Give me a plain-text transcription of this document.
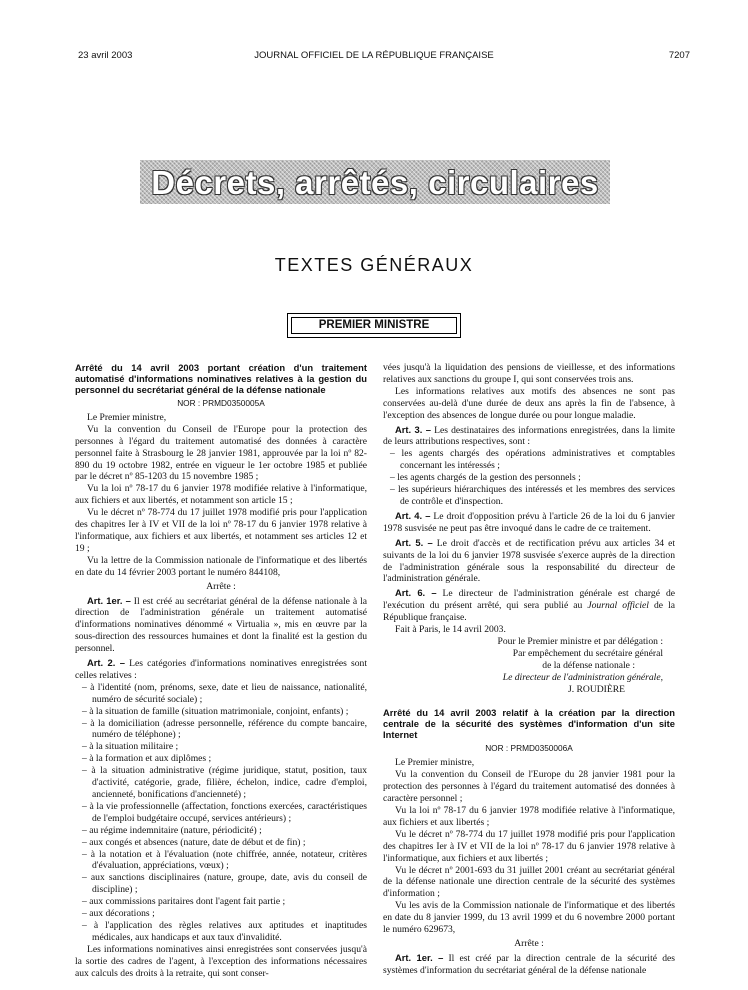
23 avril 2003	JOURNAL OFFICIEL DE LA RÉPUBLIQUE FRANÇAISE	7207
Décrets, arrêtés, circulaires
TEXTES GÉNÉRAUX
PREMIER MINISTRE

Arrêté du 14 avril 2003 portant création d'un traitement automatisé d'informations nominatives relatives à la gestion du personnel du secrétariat général de la défense nationale

NOR : PRMD0350005A

Le Premier ministre,

Vu la convention du Conseil de l'Europe pour la protection des personnes à l'égard du traitement automatisé des données à caractère personnel faite à Strasbourg le 28 janvier 1981, approuvée par la loi nº 82-890 du 19 octobre 1982, entrée en vigueur le 1er octobre 1985 et publiée par le décret nº 85-1203 du 15 novembre 1985 ;

Vu la loi nº 78-17 du 6 janvier 1978 modifiée relative à l'informatique, aux fichiers et aux libertés, et notamment son article 15 ;

Vu le décret nº 78-774 du 17 juillet 1978 modifié pris pour l'application des chapitres Ier à IV et VII de la loi nº 78-17 du 6 janvier 1978 relative à l'informatique, aux fichiers et aux libertés, et notamment ses articles 12 et 19 ;

Vu la lettre de la Commission nationale de l'informatique et des libertés en date du 14 février 2003 portant le numéro 844108,

Arrête :

Art. 1er. – Il est créé au secrétariat général de la défense nationale à la direction de l'administration générale un traitement automatisé d'informations nominatives dénommé « Virtualia », mis en œuvre par la sous-direction des ressources humaines et dont la finalité est la gestion du personnel.

Art. 2. – Les catégories d'informations nominatives enregistrées sont celles relatives :

– à l'identité (nom, prénoms, sexe, date et lieu de naissance, nationalité, numéro de sécurité sociale) ;

– à la situation de famille (situation matrimoniale, conjoint, enfants) ;

– à la domiciliation (adresse personnelle, référence du compte bancaire, numéro de téléphone) ;

– à la situation militaire ;

– à la formation et aux diplômes ;

– à la situation administrative (régime juridique, statut, position, taux d'activité, catégorie, grade, filière, échelon, indice, cadre d'emploi, ancienneté, bonifications d'ancienneté) ;

– à la vie professionnelle (affectation, fonctions exercées, caractéristiques de l'emploi budgétaire occupé, services antérieurs) ;

– au régime indemnitaire (nature, périodicité) ;

– aux congés et absences (nature, date de début et de fin) ;

– à la notation et à l'évaluation (note chiffrée, année, notateur, critères d'évaluation, appréciations, vœux) ;

– aux sanctions disciplinaires (nature, groupe, date, avis du conseil de discipline) ;

– aux commissions paritaires dont l'agent fait partie ;

– aux décorations ;

– à l'application des règles relatives aux aptitudes et inaptitudes médicales, aux handicaps et aux taux d'invalidité.

Les informations nominatives ainsi enregistrées sont conservées jusqu'à la sortie des cadres de l'agent, à l'exception des informations nécessaires aux calculs des droits à la retraite, qui sont conser-

vées jusqu'à la liquidation des pensions de vieillesse, et des informations relatives aux sanctions du groupe I, qui sont conservées trois ans.

Les informations relatives aux motifs des absences ne sont pas conservées au-delà d'une durée de deux ans après la fin de l'absence, à l'exception des absences de longue durée ou pour longue maladie.

Art. 3. – Les destinataires des informations enregistrées, dans la limite de leurs attributions respectives, sont :

– les agents chargés des opérations administratives et comptables concernant les intéressés ;

– les agents chargés de la gestion des personnels ;

– les supérieurs hiérarchiques des intéressés et les membres des services de contrôle et d'inspection.

Art. 4. – Le droit d'opposition prévu à l'article 26 de la loi du 6 janvier 1978 susvisée ne peut pas être invoqué dans le cadre de ce traitement.

Art. 5. – Le droit d'accès et de rectification prévu aux articles 34 et suivants de la loi du 6 janvier 1978 susvisée s'exerce auprès de la direction de l'administration générale sous la responsabilité du directeur de l'administration générale.

Art. 6. – Le directeur de l'administration générale est chargé de l'exécution du présent arrêté, qui sera publié au Journal officiel de la République française.

Fait à Paris, le 14 avril 2003.

Pour le Premier ministre et par délégation :

Par empêchement du secrétaire général

de la défense nationale :

Le directeur de l'administration générale,

J. ROUDIÈRE

Arrêté du 14 avril 2003 relatif à la création par la direction centrale de la sécurité des systèmes d'information d'un site Internet

NOR : PRMD0350006A

Le Premier ministre,

Vu la convention du Conseil de l'Europe du 28 janvier 1981 pour la protection des personnes à l'égard du traitement automatisé des données à caractère personnel ;

Vu la loi nº 78-17 du 6 janvier 1978 modifiée relative à l'informatique, aux fichiers et aux libertés ;

Vu le décret nº 78-774 du 17 juillet 1978 modifié pris pour l'application des chapitres Ier à IV et VII de la loi nº 78-17 du 6 janvier 1978 relative à l'informatique, aux fichiers et aux libertés ;

Vu le décret nº 2001-693 du 31 juillet 2001 créant au secrétariat général de la défense nationale une direction centrale de la sécurité des systèmes d'information ;

Vu les avis de la Commission nationale de l'informatique et des libertés en date du 8 janvier 1999, du 13 avril 1999 et du 6 novembre 2000 portant le numéro 629673,

Arrête :

Art. 1er. – Il est créé par la direction centrale de la sécurité des systèmes d'information du secrétariat général de la défense nationale
